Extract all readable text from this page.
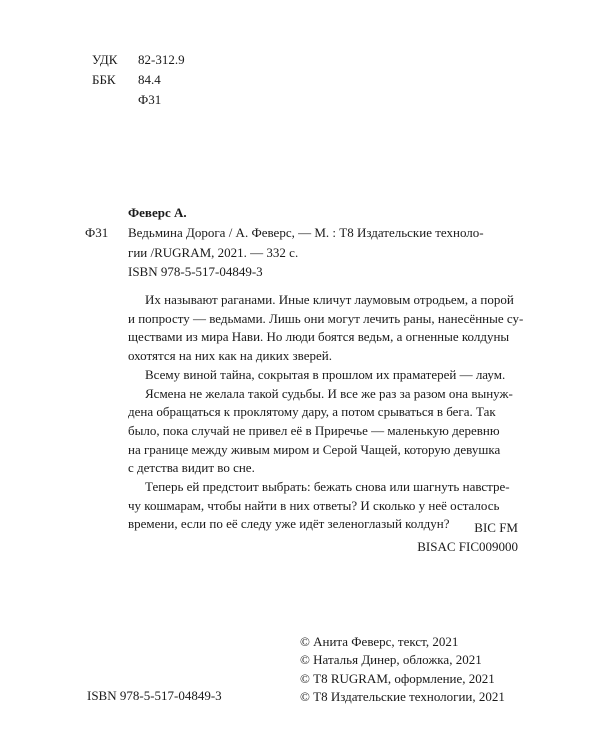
УДК 82-312.9
ББК 84.4
Ф31
Ф31
Феверс А.
Ведьмина Дорога / А. Феверс, — М. : Т8 Издательские техноло-
гии /RUGRAM, 2021. — 332 с.
ISBN 978-5-517-04849-3
Их называют раганами. Иные кличут лаумовым отродьем, а порой
и попросту — ведьмами. Лишь они могут лечить раны, нанесённые су-
ществами из мира Нави. Но люди боятся ведьм, а огненные колдуны
охотятся на них как на диких зверей.
Всему виной тайна, сокрытая в прошлом их праматерей — лаум.
Ясмена не желала такой судьбы. И все же раз за разом она вынуж-
дена обращаться к проклятому дару, а потом срываться в бега. Так
было, пока случай не привел её в Приречье — маленькую деревню
на границе между живым миром и Серой Чащей, которую девушка
с детства видит во сне.
Теперь ей предстоит выбрать: бежать снова или шагнуть навстре-
чу кошмарам, чтобы найти в них ответы? И сколько у неё осталось
времени, если по её следу уже идёт зеленоглазый колдун?	BIC FM
BISAC FIC009000
© Анита Феверс, текст, 2021
© Наталья Динер, обложка, 2021
© Т8 RUGRAM, оформление, 2021
© Т8 Издательские технологии, 2021
ISBN 978-5-517-04849-3
